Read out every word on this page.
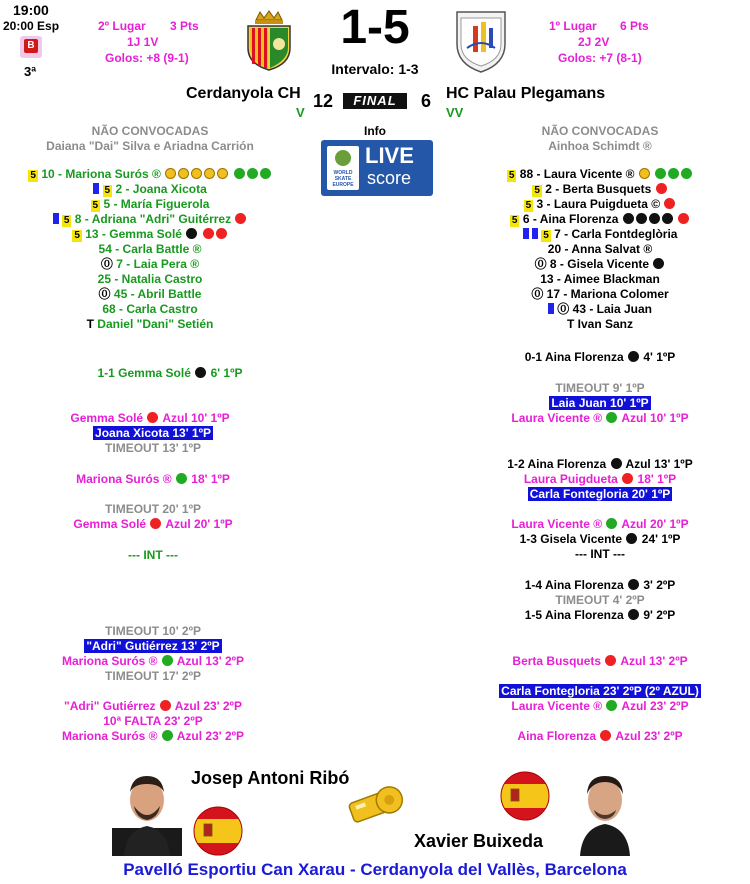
19:00
20:00 Esp
B
3ª
2º Lugar 3 Pts
1J 1V
Golos: +8 (9-1)
1-5
Intervalo: 1-3
1º Lugar 6 Pts
2J 2V
Golos: +7 (8-1)
Cerdanyola CH 12	FINAL	6 HC Palau Plegamans
V	VV
NÃO CONVOCADAS
Daiana "Dai" Silva e Ariadna Carrión
NÃO CONVOCADAS
Ainhoa Schimdt ®
Info
WORLD SKATE EUROPE
LIVE
score
5 10 - Mariona Surós ®
5 2 - Joana Xicota
5 5 - María Figuerola
5 8 - Adriana "Adri" Guitérrez
5 13 - Gemma Solé
54 - Carla Battle ®
⓪ 7 - Laia Pera ®
25 - Natalia Castro
⓪ 45 - Abril Battle
68 - Carla Castro
T Daniel "Dani" Setién
5 88 - Laura Vicente ®
5 2 - Berta Busquets
5 3 - Laura Puigdueta ©
5 6 - Aina Florenza
5 7 - Carla Fontdeglòria
20 - Anna Salvat ®
⓪ 8 - Gisela Vicente
13 - Aimee Blackman
⓪ 17 - Mariona Colomer
⓪ 43 - Laia Juan
T Ivan Sanz
1-1 Gemma Solé 6' 1ºP
Gemma Solé Azul 10' 1ºP
Joana Xicota 13' 1ºP
TIMEOUT 13' 1ºP
Mariona Surós ® 18' 1ºP
TIMEOUT 20' 1ºP
Gemma Solé Azul 20' 1ºP
--- INT ---
TIMEOUT 10' 2ºP
"Adri" Gutiérrez 13' 2ºP
Mariona Surós ® Azul 13' 2ºP
TIMEOUT 17' 2ºP
"Adri" Gutiérrez Azul 23' 2ºP
10ª FALTA 23' 2ºP
Mariona Surós ® Azul 23' 2ºP
0-1 Aina Florenza 4' 1ºP
TIMEOUT 9' 1ºP
Laia Juan 10' 1ºP
Laura Vicente ® Azul 10' 1ºP
1-2 Aina Florenza Azul 13' 1ºP
Laura Puigdueta 18' 1ºP
Carla Fontegloria 20' 1ºP
Laura Vicente ® Azul 20' 1ºP
1-3 Gisela Vicente 24' 1ºP
--- INT ---
1-4 Aina Florenza 3' 2ºP
TIMEOUT 4' 2ºP
1-5 Aina Florenza 9' 2ºP
Berta Busquets Azul 13' 2ºP
Carla Fontegloria 23' 2ºP (2º AZUL)
Laura Vicente ® Azul 23' 2ºP
Aina Florenza Azul 23' 2ºP
Josep Antoni Ribó
Xavier Buixeda
Pavelló Esportiu Can Xarau - Cerdanyola del Vallès, Barcelona
